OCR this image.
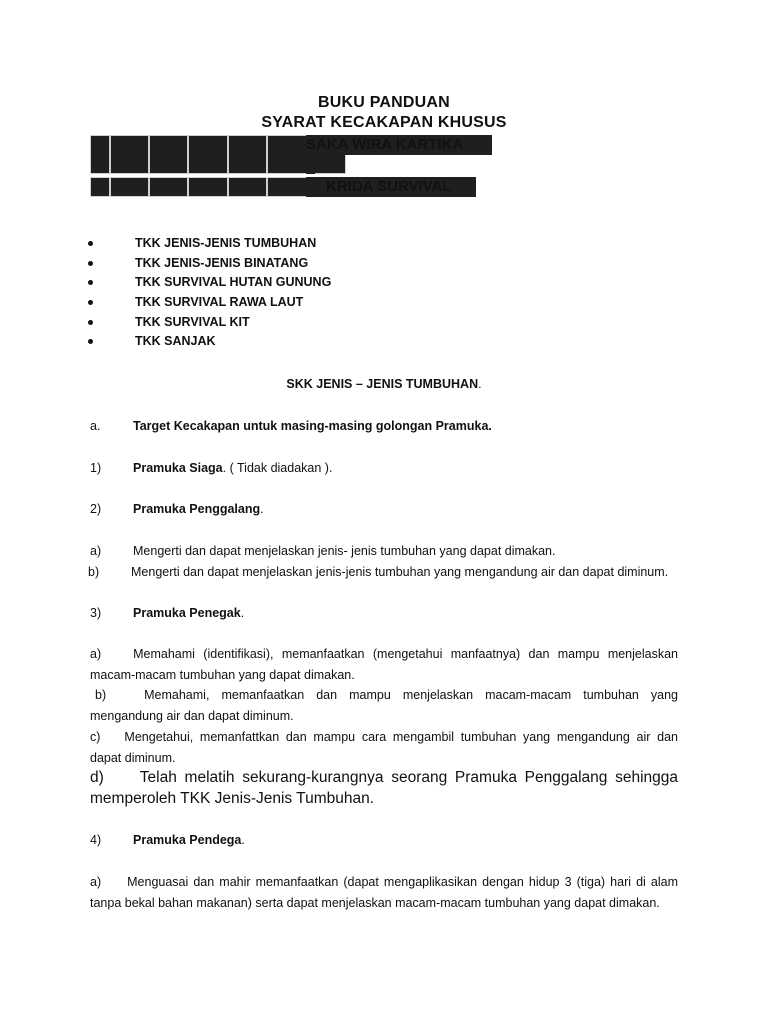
BUKU PANDUAN
SYARAT KECAKAPAN KHUSUS
SAKA WIRA KARTIKA
KRIDA SURVIVAL
TKK JENIS-JENIS TUMBUHAN
TKK JENIS-JENIS BINATANG
TKK SURVIVAL HUTAN GUNUNG
TKK SURVIVAL RAWA LAUT
TKK SURVIVAL KIT
TKK SANJAK
SKK JENIS – JENIS TUMBUHAN.
a.	Target Kecakapan untuk masing-masing golongan Pramuka.
1)	Pramuka Siaga. ( Tidak diadakan ).
2)	Pramuka Penggalang.
a)	Mengerti dan dapat menjelaskan jenis- jenis tumbuhan yang dapat dimakan.
b)	Mengerti dan dapat menjelaskan jenis-jenis tumbuhan yang mengandung air dan dapat diminum.
3)	Pramuka Penegak.
a)	Memahami (identifikasi), memanfaatkan (mengetahui manfaatnya) dan mampu menjelaskan macam-macam tumbuhan yang dapat dimakan.
b)	Memahami, memanfaatkan dan mampu menjelaskan macam-macam tumbuhan yang mengandung air dan dapat diminum.
c) Mengetahui, memanfattkan dan mampu cara mengambil tumbuhan yang mengandung air dan dapat diminum.
d) Telah melatih sekurang-kurangnya seorang Pramuka Penggalang sehingga memperoleh TKK Jenis-Jenis Tumbuhan.
4)	Pramuka Pendega.
a) Menguasai dan mahir memanfaatkan (dapat mengaplikasikan dengan hidup 3 (tiga) hari di alam tanpa bekal bahan makanan) serta dapat menjelaskan macam-macam tumbuhan yang dapat dimakan.
